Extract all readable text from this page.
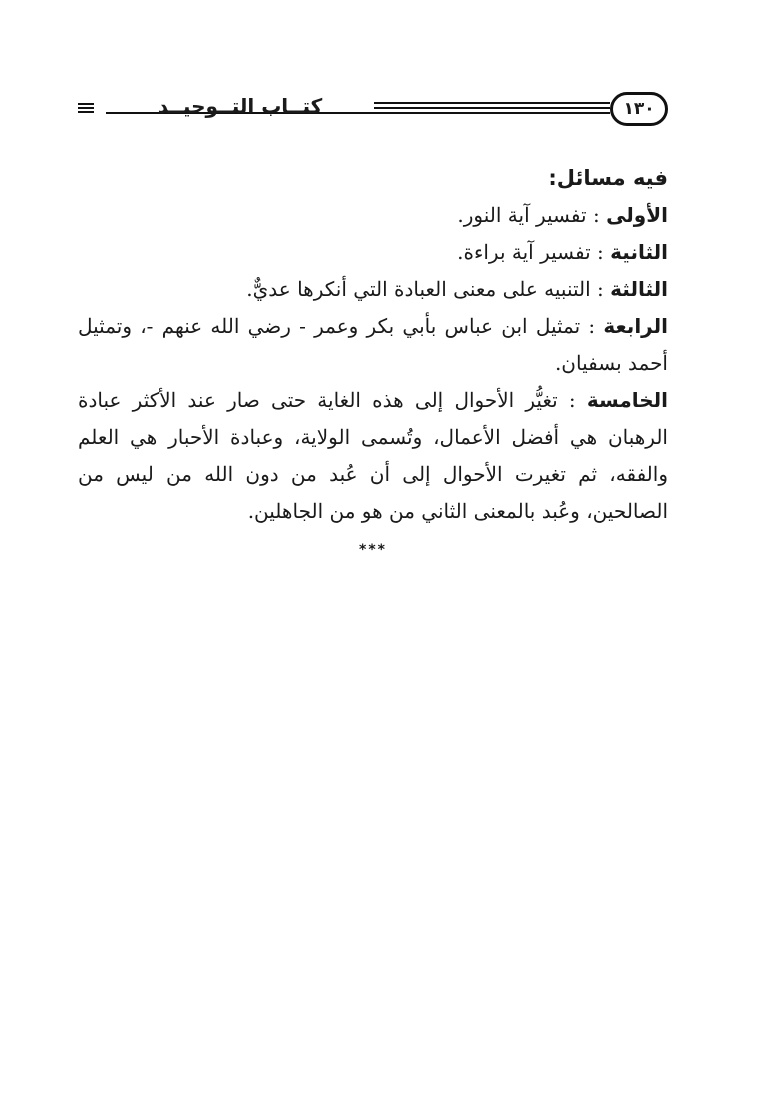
١٣٠
كتــاب التــوحيــد
فيه مسائل:

الأولى : تفسير آية النور.

الثانية : تفسير آية براءة.

الثالثة : التنبيه على معنى العبادة التي أنكرها عديٌّ.

الرابعة : تمثيل ابن عباس بأبي بكر وعمر - رضي الله عنهم -، وتمثيل أحمد بسفيان.

الخامسة : تغيُّر الأحوال إلى هذه الغاية حتى صار عند الأكثر عبادة الرهبان هي أفضل الأعمال، وتُسمى الولاية، وعبادة الأحبار هي العلم والفقه، ثم تغيرت الأحوال إلى أن عُبد من دون الله من ليس من الصالحين، وعُبد بالمعنى الثاني من هو من الجاهلين.

***
